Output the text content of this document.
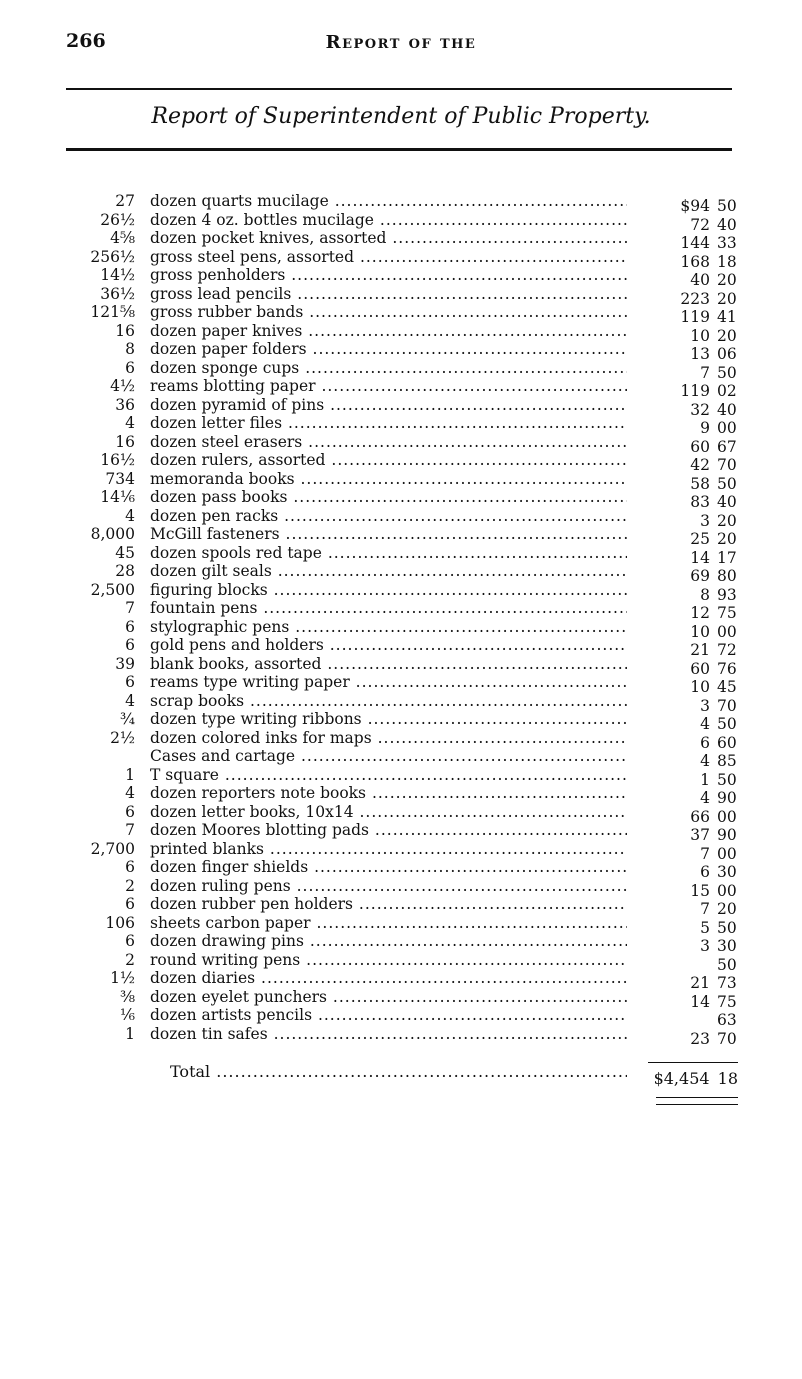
266	Report of the
Report of Superintendent of Public Property.
27 dozen quarts mucilage .....	$94 50
26½ dozen 4 oz. bottles mucilage .....	72 40
4⅝ dozen pocket knives, assorted .....	144 33
256½ gross steel pens, assorted .....	168 18
14½ gross penholders .....	40 20
36½ gross lead pencils .....	223 20
121⅝ gross rubber bands .....	119 41
16 dozen paper knives .....	10 20
8 dozen paper folders .....	13 06
6 dozen sponge cups .....	7 50
4½ reams blotting paper .....	119 02
36 dozen pyramid of pins .....	32 40
4 dozen letter files .....	9 00
16 dozen steel erasers .....	60 67
16½ dozen rulers, assorted .....	42 70
734 memoranda books .....	58 50
14⅙ dozen pass books .....	83 40
4 dozen pen racks .....	3 20
8,000 McGill fasteners .....	25 20
45 dozen spools red tape .....	14 17
28 dozen gilt seals .....	69 80
2,500 figuring blocks .....	8 93
7 fountain pens .....	12 75
6 stylographic pens .....	10 00
6 gold pens and holders .....	21 72
39 blank books, assorted .....	60 76
6 reams type writing paper .....	10 45
4 scrap books .....	3 70
¾ dozen type writing ribbons .....	4 50
2½ dozen colored inks for maps .....	6 60
Cases and cartage .....	4 85
1 T square .....	1 50
4 dozen reporters note books .....	4 90
6 dozen letter books, 10x14 .....	66 00
7 dozen Moores blotting pads .....	37 90
2,700 printed blanks .....	7 00
6 dozen finger shields .....	6 30
2 dozen ruling pens .....	15 00
6 dozen rubber pen holders .....	7 20
106 sheets carbon paper .....	5 50
6 dozen drawing pins .....	3 30
2 round writing pens .....	50
1½ dozen diaries .....	21 73
⅜ dozen eyelet punchers .....	14 75
⅙ dozen artists pencils .....	63
1 dozen tin safes .....	23 70
Total .....	$4,454 18
